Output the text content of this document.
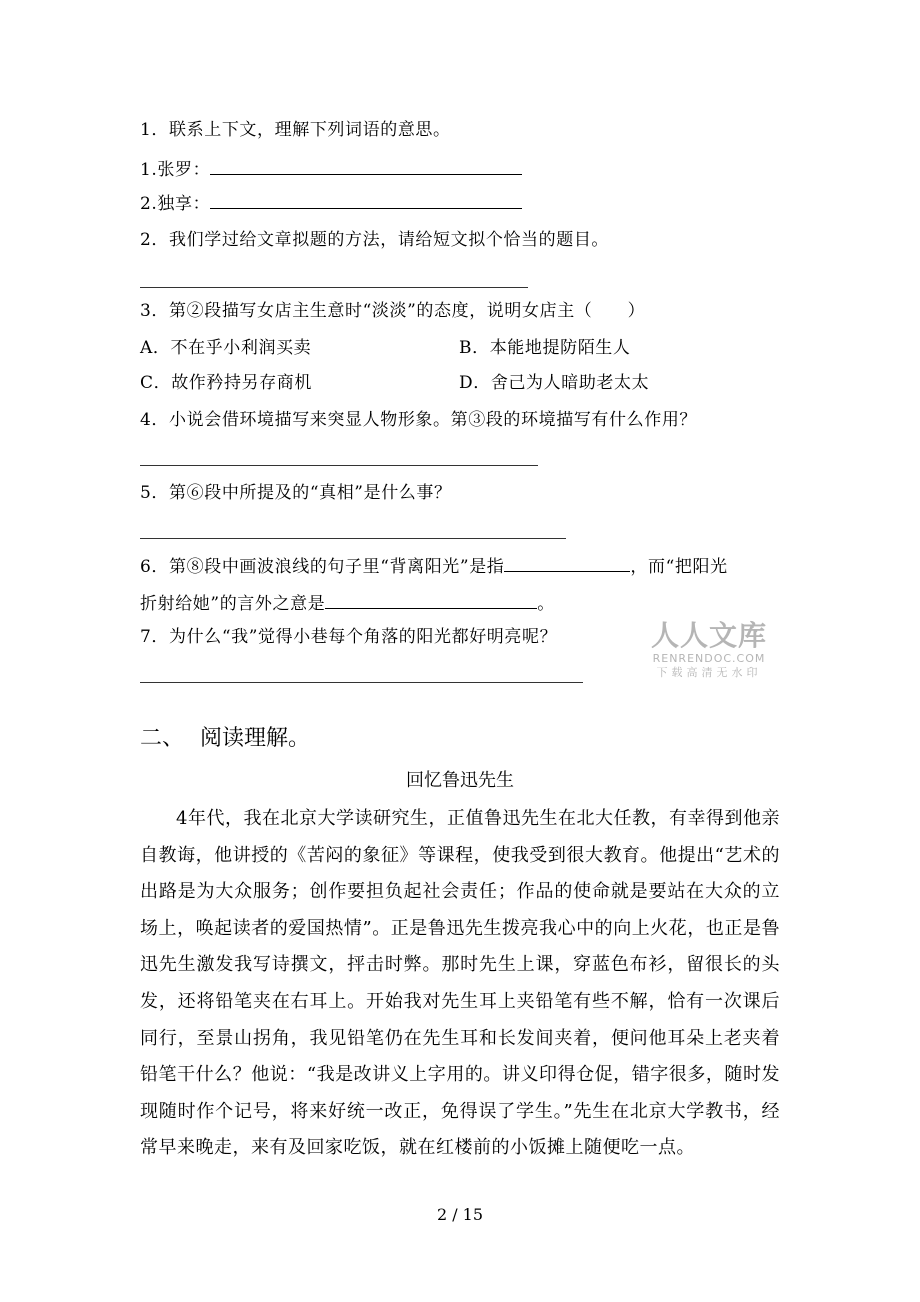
1．联系上下文，理解下列词语的意思。
1.张罗：
2.独享：
2．我们学过给文章拟题的方法，请给短文拟个恰当的题目。
3．第②段描写女店主生意时“淡淡”的态度，说明女店主（　　）
A．不在乎小利润买卖	B．本能地提防陌生人
C．故作矜持另存商机	D．舍己为人暗助老太太
4．小说会借环境描写来突显人物形象。第③段的环境描写有什么作用？
5．第⑥段中所提及的“真相”是什么事？
6．第⑧段中画波浪线的句子里“背离阳光”是指	，而“把阳光
折射给她”的言外之意是	。
7．为什么“我”觉得小巷每个角落的阳光都好明亮呢？	人人文库
RENRENDOC.COM
下载高清无水印
二、 阅读理解。
回忆鲁迅先生
4年代，我在北京大学读研究生，正值鲁迅先生在北大任教，有幸得到他亲自教诲，他讲授的《苦闷的象征》等课程，使我受到很大教育。他提出“艺术的出路是为大众服务；创作要担负起社会责任；作品的使命就是要站在大众的立场上，唤起读者的爱国热情”。正是鲁迅先生拨亮我心中的向上火花，也正是鲁迅先生激发我写诗撰文，抨击时弊。那时先生上课，穿蓝色布衫，留很长的头发，还将铅笔夹在右耳上。开始我对先生耳上夹铅笔有些不解，恰有一次课后同行，至景山拐角，我见铅笔仍在先生耳和长发间夹着，便问他耳朵上老夹着铅笔干什么？他说：“我是改讲义上字用的。讲义印得仓促，错字很多，随时发现随时作个记号，将来好统一改正，免得误了学生。”先生在北京大学教书，经常早来晚走，来有及回家吃饭，就在红楼前的小饭摊上随便吃一点。
2 / 15
